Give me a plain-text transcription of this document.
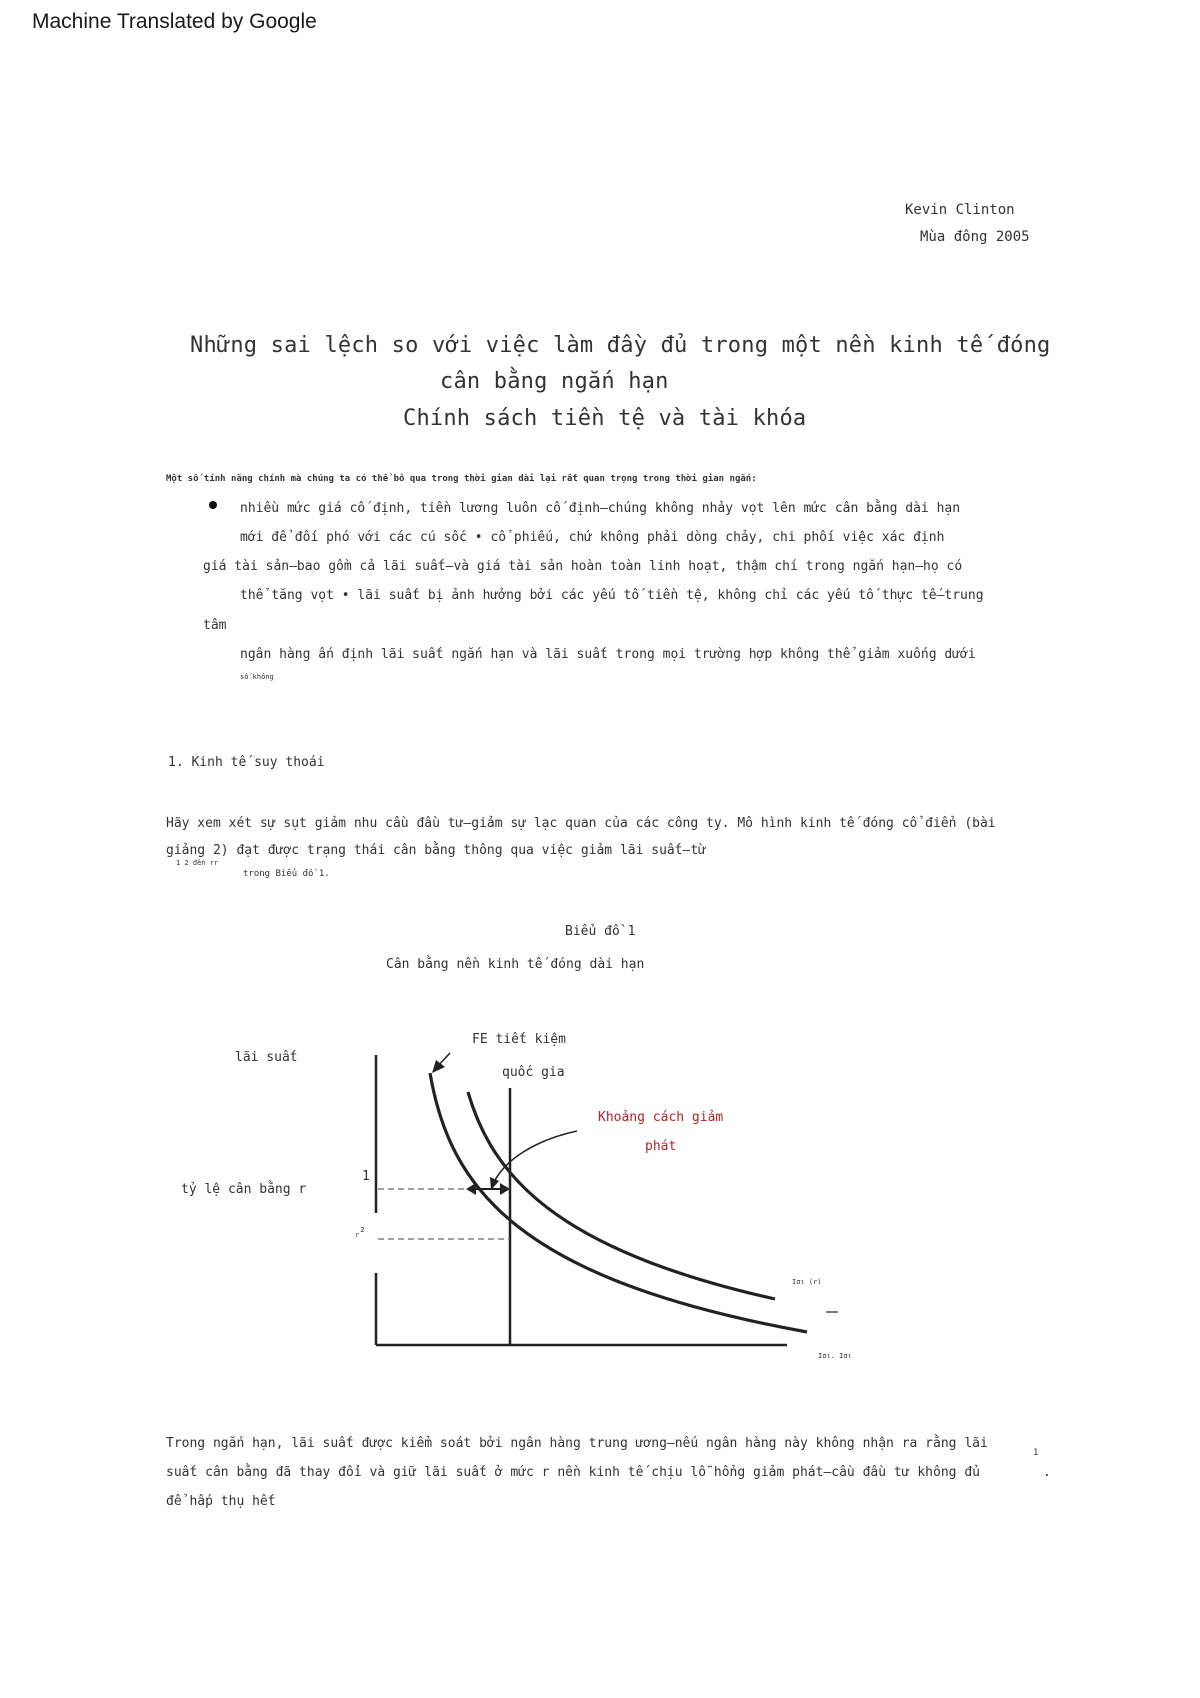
Machine Translated by Google
Kevin Clinton
Mùa đông 2005
Những sai lệch so với việc làm đầy đủ trong một nền kinh tế đóng
cân bằng ngắn hạn
Chính sách tiền tệ và tài khóa
Một số tính năng chính mà chúng ta có thể bỏ qua trong thời gian dài lại rất quan trọng trong thời gian ngắn:
nhiều mức giá cố định, tiền lương luôn cố định—chúng không nhảy vọt lên mức cân bằng dài hạn
mới để đối phó với các cú sốc • cổ phiếu, chứ không phải dòng chảy, chi phối việc xác định
giá tài sản—bao gồm cả lãi suất—và giá tài sản hoàn toàn linh hoạt, thậm chí trong ngắn hạn—họ có
thể tăng vọt • lãi suất bị ảnh hưởng bởi các yếu tố tiền tệ, không chỉ các yếu tố thực tế—trung
tâm
ngân hàng ấn định lãi suất ngắn hạn và lãi suất trong mọi trường hợp không thể giảm xuống dưới
số không
1. Kinh tế suy thoái
Hãy xem xét sự sụt giảm nhu cầu đầu tư—giảm sự lạc quan của các công ty. Mô hình kinh tế đóng cổ điển (bài
giảng 2) đạt được trạng thái cân bằng thông qua việc giảm lãi suất—từ
1 2 đến rr
trong Biểu đồ 1.
Biểu đồ 1
Cân bằng nền kinh tế đóng dài hạn
FE tiết kiệm
quốc gia
lãi suất
tỷ lệ cân bằng r
1
r2
Khoảng cách giảm
phát
Iσι (r)
Iσι. Iσι
Trong ngắn hạn, lãi suất được kiểm soát bởi ngân hàng trung ương—nếu ngân hàng này không nhận ra rằng lãi
suất cân bằng đã thay đổi và giữ lãi suất ở mức r nền kinh tế chịu lỗ hổng giảm phát—cầu đầu tư không đủ
1
.
để hấp thụ hết
